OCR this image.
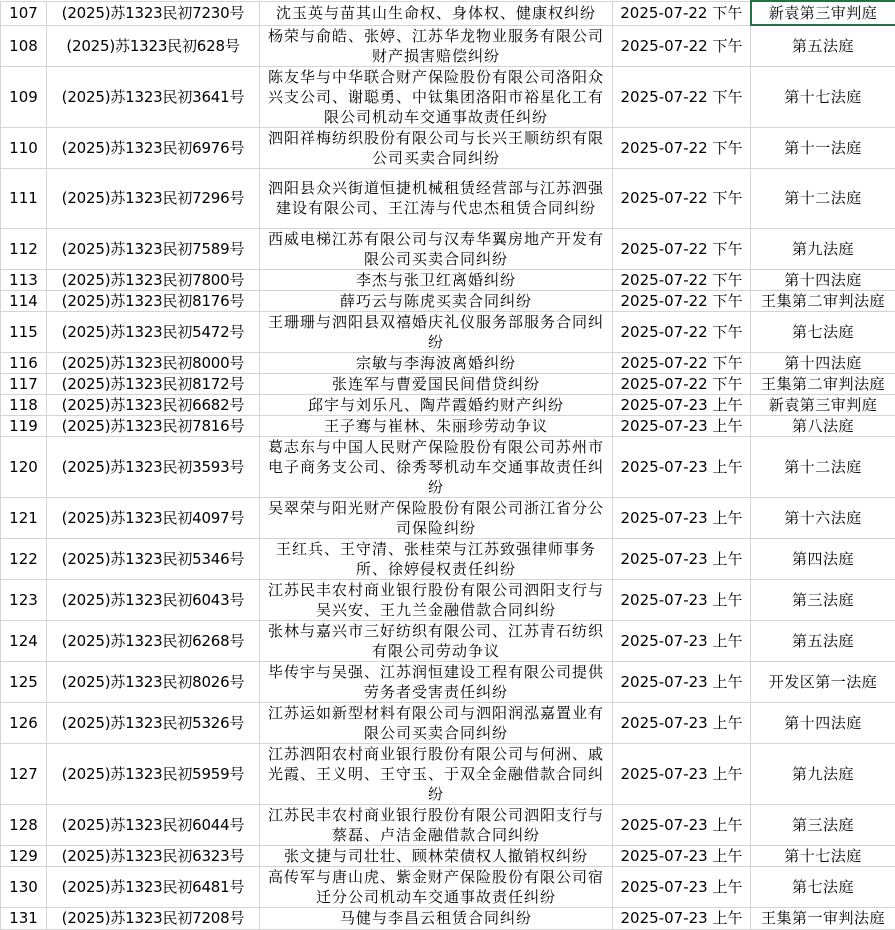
107	(2025)苏1323民初7230号	沈玉英与苗其山生命权、身体权、健康权纠纷	2025-07-22 下午	新袁第三审判庭
108	(2025)苏1323民初628号	杨荣与俞皓、张婷、江苏华龙物业服务有限公司财产损害赔偿纠纷	2025-07-22 下午	第五法庭
109	(2025)苏1323民初3641号	陈友华与中华联合财产保险股份有限公司洛阳众兴支公司、谢聪勇、中钛集团洛阳市裕星化工有限公司机动车交通事故责任纠纷	2025-07-22 下午	第十七法庭
110	(2025)苏1323民初6976号	泗阳祥梅纺织股份有限公司与长兴王顺纺织有限公司买卖合同纠纷	2025-07-22 下午	第十一法庭
111	(2025)苏1323民初7296号	泗阳县众兴街道恒捷机械租赁经营部与江苏泗强建设有限公司、王江涛与代忠杰租赁合同纠纷	2025-07-22 下午	第十二法庭
112	(2025)苏1323民初7589号	西威电梯江苏有限公司与汉寿华翼房地产开发有限公司买卖合同纠纷	2025-07-22 下午	第九法庭
113	(2025)苏1323民初7800号	李杰与张卫红离婚纠纷	2025-07-22 下午	第十四法庭
114	(2025)苏1323民初8176号	薛巧云与陈虎买卖合同纠纷	2025-07-22 下午	王集第二审判法庭
115	(2025)苏1323民初5472号	王珊珊与泗阳县双禧婚庆礼仪服务部服务合同纠纷	2025-07-22 下午	第七法庭
116	(2025)苏1323民初8000号	宗敏与李海波离婚纠纷	2025-07-22 下午	第十四法庭
117	(2025)苏1323民初8172号	张连军与曹爱国民间借贷纠纷	2025-07-22 下午	王集第二审判法庭
118	(2025)苏1323民初6682号	邱宇与刘乐凡、陶芹霞婚约财产纠纷	2025-07-23 上午	新袁第三审判庭
119	(2025)苏1323民初7816号	王子骞与崔林、朱丽珍劳动争议	2025-07-23 上午	第八法庭
120	(2025)苏1323民初3593号	葛志东与中国人民财产保险股份有限公司苏州市电子商务支公司、徐秀琴机动车交通事故责任纠纷	2025-07-23 上午	第十二法庭
121	(2025)苏1323民初4097号	吴翠荣与阳光财产保险股份有限公司浙江省分公司保险纠纷	2025-07-23 上午	第十六法庭
122	(2025)苏1323民初5346号	王红兵、王守清、张桂荣与江苏致强律师事务所、徐婷侵权责任纠纷	2025-07-23 上午	第四法庭
123	(2025)苏1323民初6043号	江苏民丰农村商业银行股份有限公司泗阳支行与吴兴安、王九兰金融借款合同纠纷	2025-07-23 上午	第三法庭
124	(2025)苏1323民初6268号	张林与嘉兴市三好纺织有限公司、江苏青石纺织有限公司劳动争议	2025-07-23 上午	第五法庭
125	(2025)苏1323民初8026号	毕传宇与吴强、江苏润恒建设工程有限公司提供劳务者受害责任纠纷	2025-07-23 上午	开发区第一法庭
126	(2025)苏1323民初5326号	江苏运如新型材料有限公司与泗阳润泓嘉置业有限公司买卖合同纠纷	2025-07-23 上午	第十四法庭
127	(2025)苏1323民初5959号	江苏泗阳农村商业银行股份有限公司与何洲、戚光霞、王义明、王守玉、于双全金融借款合同纠纷	2025-07-23 上午	第九法庭
128	(2025)苏1323民初6044号	江苏民丰农村商业银行股份有限公司泗阳支行与蔡磊、卢洁金融借款合同纠纷	2025-07-23 上午	第三法庭
129	(2025)苏1323民初6323号	张文捷与司壮壮、顾林荣债权人撤销权纠纷	2025-07-23 上午	第十七法庭
130	(2025)苏1323民初6481号	高传军与唐山虎、紫金财产保险股份有限公司宿迁分公司机动车交通事故责任纠纷	2025-07-23 上午	第七法庭
131	(2025)苏1323民初7208号	马健与李昌云租赁合同纠纷	2025-07-23 上午	王集第一审判法庭
